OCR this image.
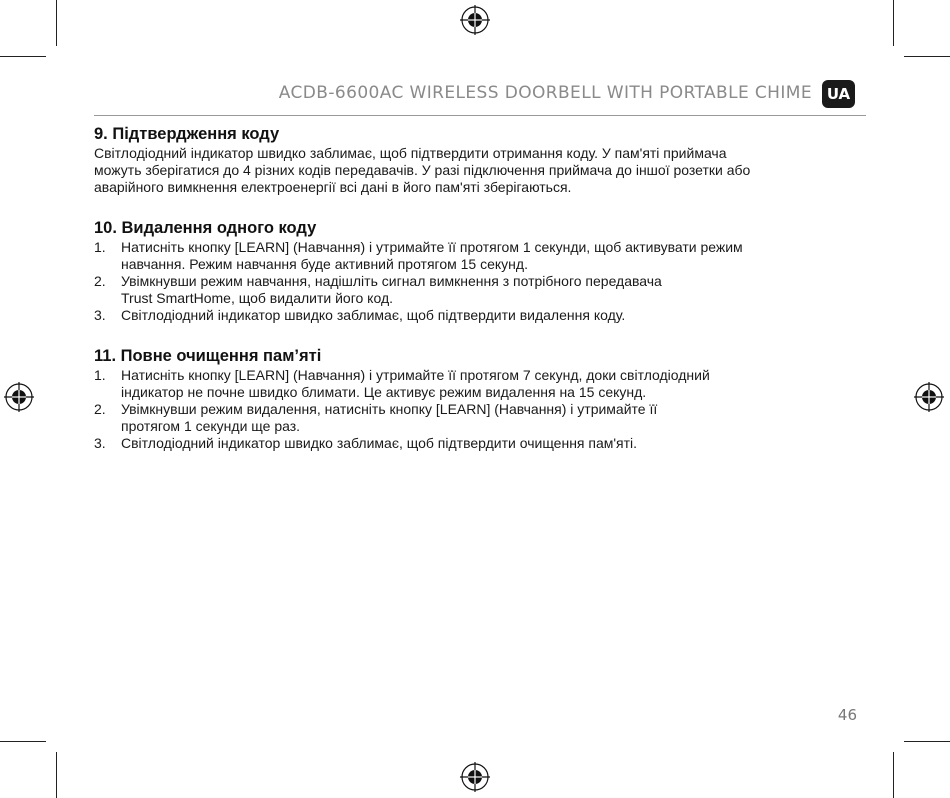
ACDB-6600AC WIRELESS DOORBELL WITH PORTABLE CHIME UA
9. Підтвердження коду

Світлодіодний індикатор швидко заблимає, щоб підтвердити отримання коду. У пам'яті приймача
можуть зберігатися до 4 різних кодів передавачів. У разі підключення приймача до іншої розетки або
аварійного вимкнення електроенергії всі дані в його пам'яті зберігаються.

10. Видалення одного коду
1. Натисніть кнопку [LEARN] (Навчання) і утримайте її протягом 1 секунди, щоб активувати режим
навчання. Режим навчання буде активний протягом 15 секунд.
2. Увімкнувши режим навчання, надішліть сигнал вимкнення з потрібного передавача
Trust SmartHome, щоб видалити його код.
3. Світлодіодний індикатор швидко заблимає, щоб підтвердити видалення коду.
11. Повне очищення пам’яті
1. Натисніть кнопку [LEARN] (Навчання) і утримайте її протягом 7 секунд, доки світлодіодний
індикатор не почне швидко блимати. Це активує режим видалення на 15 секунд.
2. Увімкнувши режим видалення, натисніть кнопку [LEARN] (Навчання) і утримайте її
протягом 1 секунди ще раз.
3. Світлодіодний індикатор швидко заблимає, щоб підтвердити очищення пам'яті.
46
